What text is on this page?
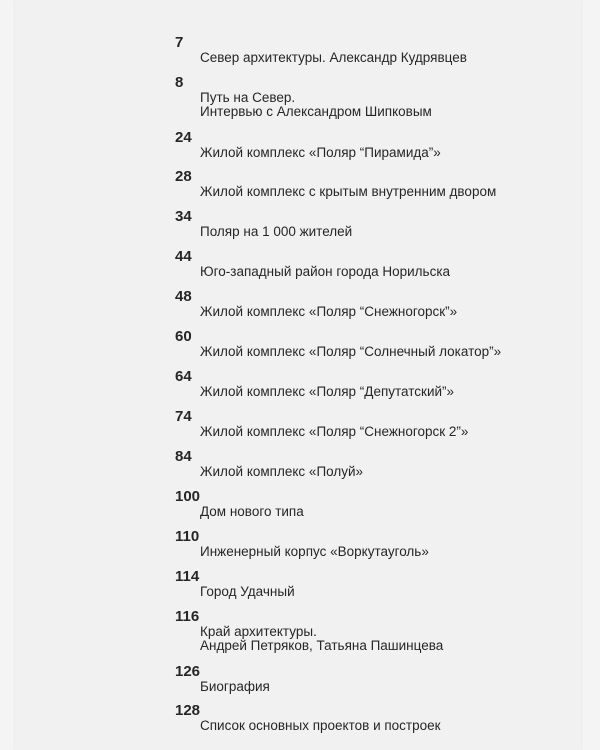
7
Север архитектуры. Александр Кудрявцев
8
Путь на Север.
Интервью с Александром Шипковым
24
Жилой комплекс «Поляр “Пирамида”»
28
Жилой комплекс с крытым внутренним двором
34
Поляр на 1 000 жителей
44
Юго-западный район города Норильска
48
Жилой комплекс «Поляр “Снежногорск”»
60
Жилой комплекс «Поляр “Солнечный локатор”»
64
Жилой комплекс «Поляр “Депутатский”»
74
Жилой комплекс «Поляр “Снежногорск 2”»
84
Жилой комплекс «Полуй»
100
Дом нового типа
110
Инженерный корпус «Воркутауголь»
114
Город Удачный
116
Край архитектуры.
Андрей Петряков, Татьяна Пашинцева
126
Биография
128
Список основных проектов и построек
